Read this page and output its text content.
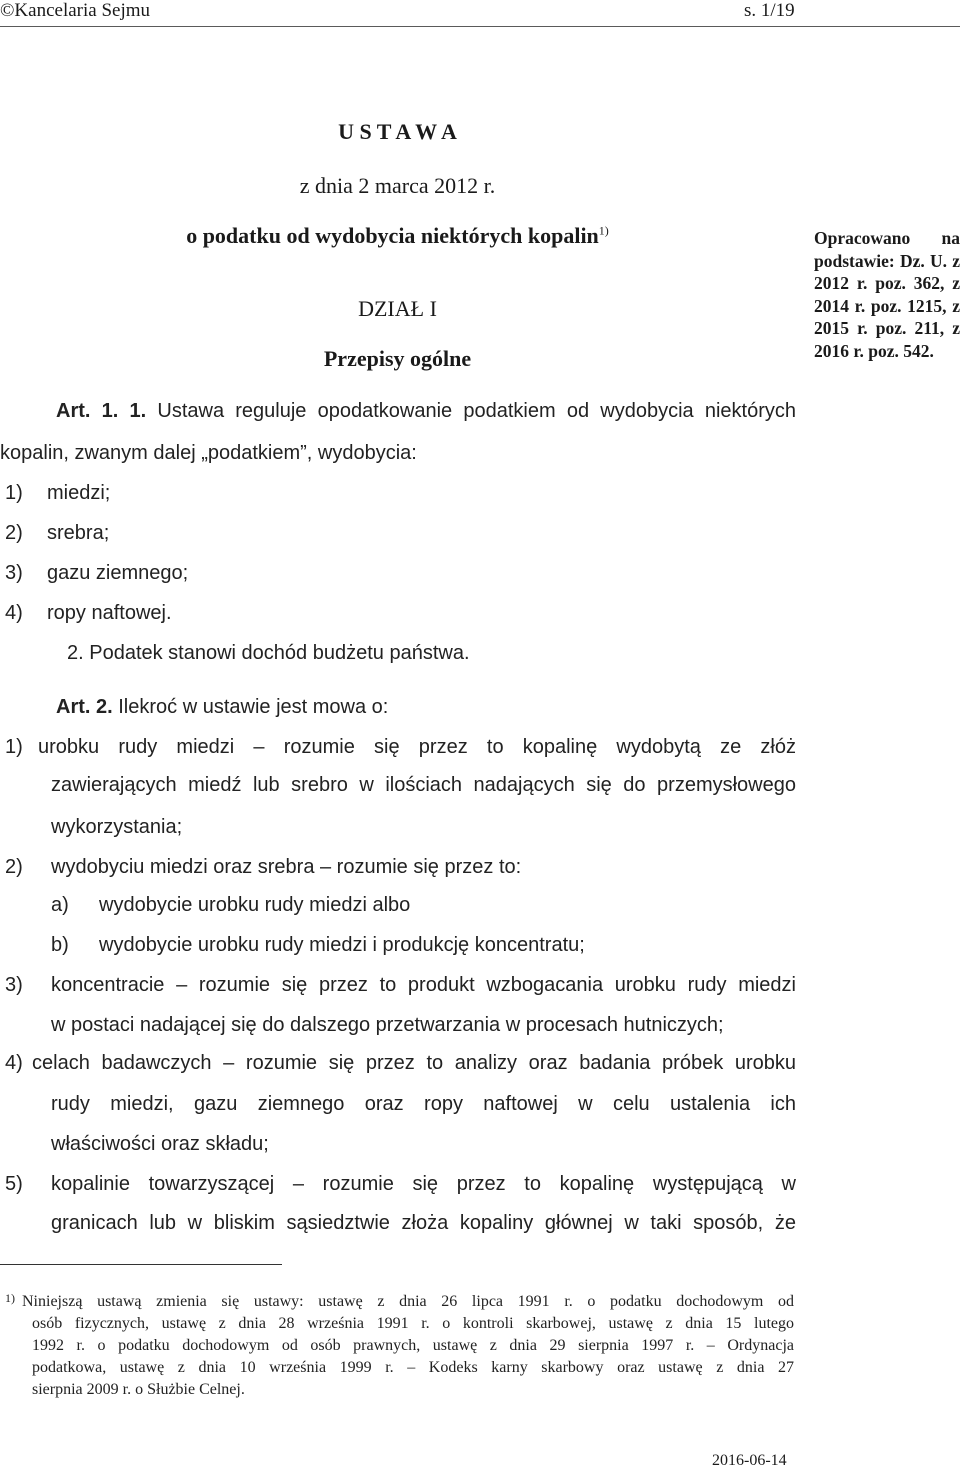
©Kancelaria Sejmu	s. 1/19
U S T A W A
z dnia 2 marca 2012 r.
o podatku od wydobycia niektórych kopalin$^{1)}$
DZIAŁ I
Przepisy ogólne
Opracowano na podstawie: Dz. U. z 2012 r. poz. 362, z 2014 r. poz. 1215, z 2015 r. poz. 211, z 2016 r. poz. 542.
Art. 1. 1. Ustawa reguluje opodatkowanie podatkiem od wydobycia niektórych
kopalin, zwanym dalej „podatkiem”, wydobycia:
1) miedzi;
2) srebra;
3) gazu ziemnego;
4) ropy naftowej.
2. Podatek stanowi dochód budżetu państwa.
Art. 2. Ilekroć w ustawie jest mowa o:
1) urobku rudy miedzi – rozumie się przez to kopalinę wydobytą ze złóż
zawierających miedź lub srebro w ilościach nadających się do przemysłowego
wykorzystania;
2) wydobyciu miedzi oraz srebra – rozumie się przez to:
a) wydobycie urobku rudy miedzi albo
b) wydobycie urobku rudy miedzi i produkcję koncentratu;
3) koncentracie – rozumie się przez to produkt wzbogacania urobku rudy miedzi
w postaci nadającej się do dalszego przetwarzania w procesach hutniczych;
4) celach badawczych – rozumie się przez to analizy oraz badania próbek urobku
rudy miedzi, gazu ziemnego oraz ropy naftowej w celu ustalenia ich
właściwości oraz składu;
5) kopalinie towarzyszącej – rozumie się przez to kopalinę występującą w
granicach lub w bliskim sąsiedztwie złoża kopaliny głównej w taki sposób, że
1) Niniejszą ustawą zmienia się ustawy: ustawę z dnia 26 lipca 1991 r. o podatku dochodowym od
osób fizycznych, ustawę z dnia 28 września 1991 r. o kontroli skarbowej, ustawę z dnia 15 lutego
1992 r. o podatku dochodowym od osób prawnych, ustawę z dnia 29 sierpnia 1997 r. – Ordynacja
podatkowa, ustawę z dnia 10 września 1999 r. – Kodeks karny skarbowy oraz ustawę z dnia 27
sierpnia 2009 r. o Służbie Celnej.
2016-06-14
